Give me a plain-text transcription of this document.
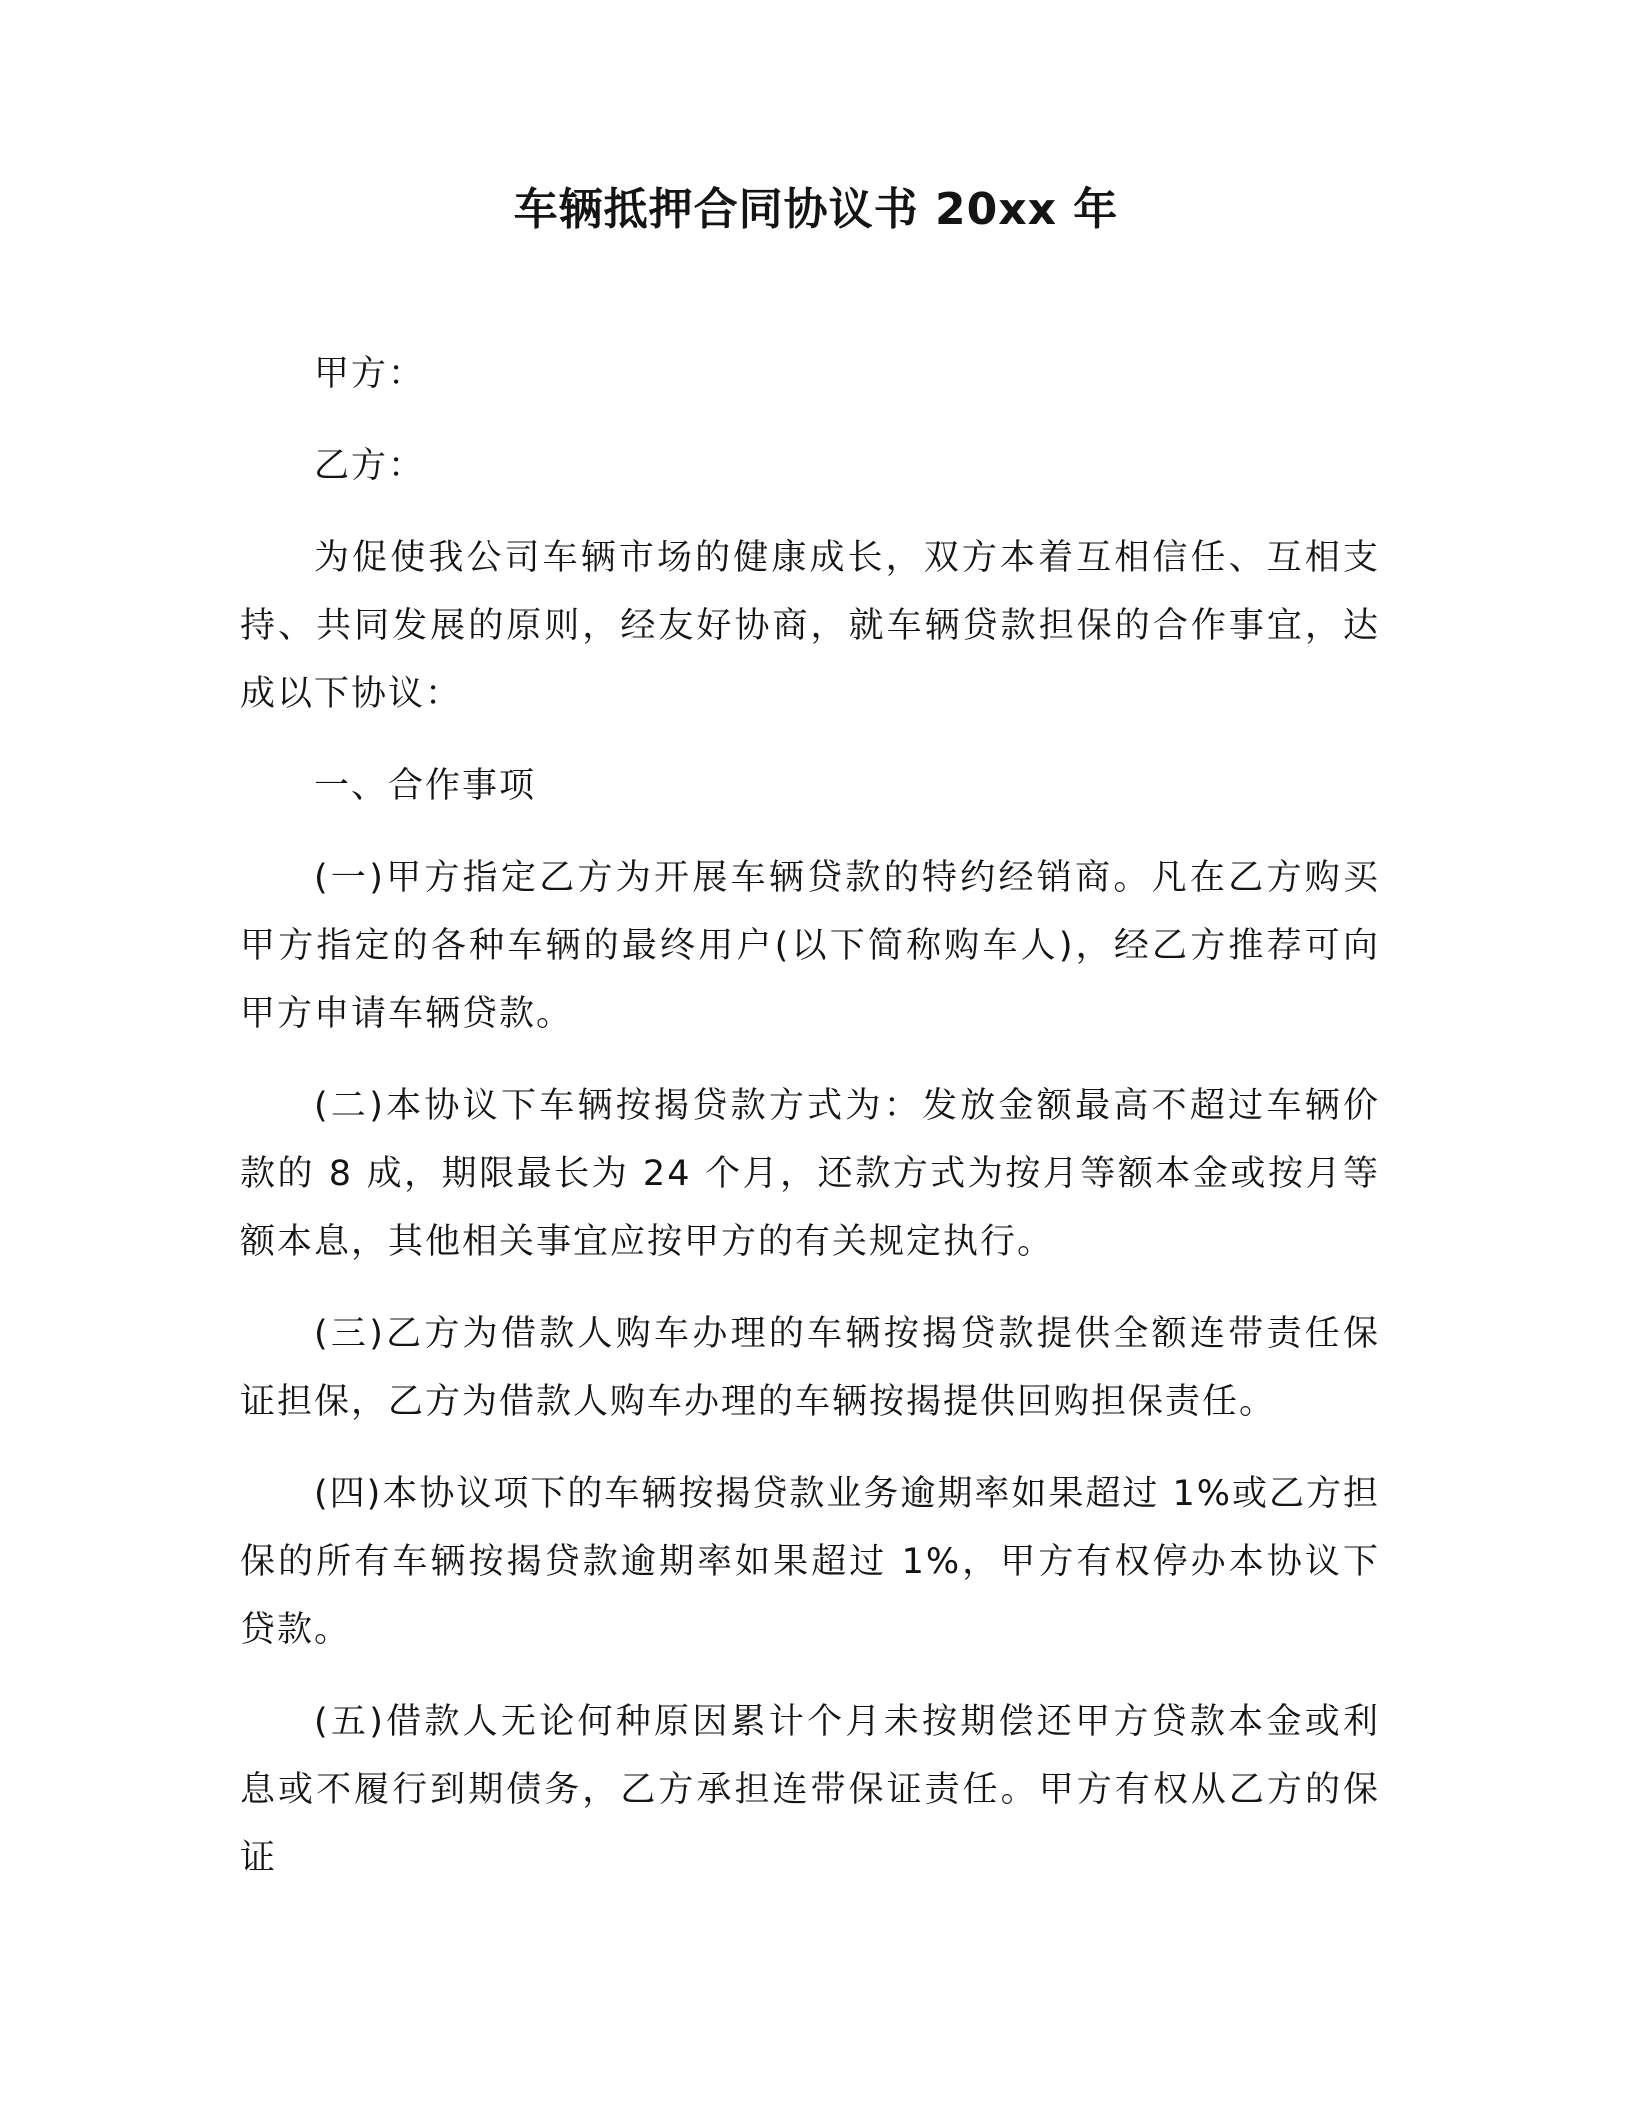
车辆抵押合同协议书 20xx 年

甲方：

乙方：

为促使我公司车辆市场的健康成长，双方本着互相信任、互相支持、共同发展的原则，经友好协商，就车辆贷款担保的合作事宜，达成以下协议：

一、合作事项

(一)甲方指定乙方为开展车辆贷款的特约经销商。凡在乙方购买甲方指定的各种车辆的最终用户(以下简称购车人)，经乙方推荐可向甲方申请车辆贷款。

(二)本协议下车辆按揭贷款方式为：发放金额最高不超过车辆价款的 8 成，期限最长为 24 个月，还款方式为按月等额本金或按月等额本息，其他相关事宜应按甲方的有关规定执行。

(三)乙方为借款人购车办理的车辆按揭贷款提供全额连带责任保证担保，乙方为借款人购车办理的车辆按揭提供回购担保责任。

(四)本协议项下的车辆按揭贷款业务逾期率如果超过 1%或乙方担保的所有车辆按揭贷款逾期率如果超过 1%，甲方有权停办本协议下贷款。

(五)借款人无论何种原因累计个月未按期偿还甲方贷款本金或利息或不履行到期债务，乙方承担连带保证责任。甲方有权从乙方的保证
